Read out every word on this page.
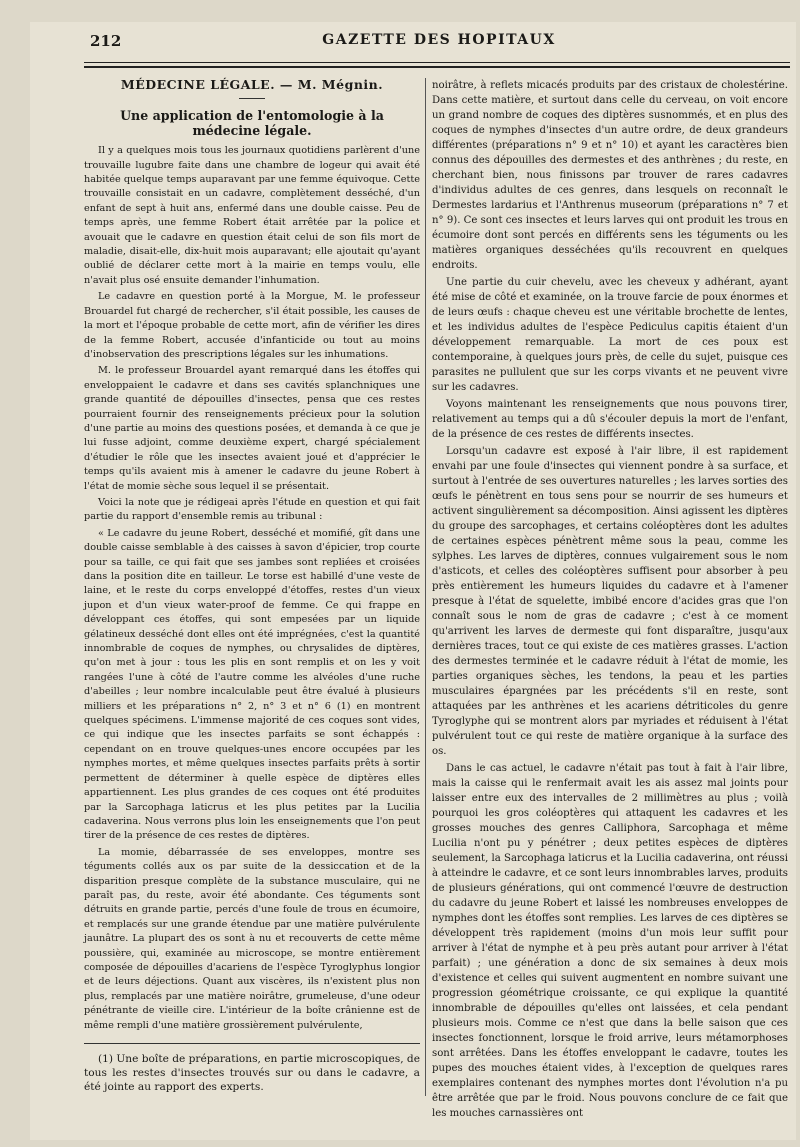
212	GAZETTE DES HOPITAUX
MÉDECINE LÉGALE. — M. Mégnin.
Une application de l'entomologie à la médecine légale.

Il y a quelques mois tous les journaux quotidiens parlèrent d'une trouvaille lugubre faite dans une chambre de logeur qui avait été habitée quelque temps auparavant par une femme équivoque. Cette trouvaille consistait en un cadavre, complètement desséché, d'un enfant de sept à huit ans, enfermé dans une double caisse. Peu de temps après, une femme Robert était arrêtée par la police et avouait que le cadavre en question était celui de son fils mort de maladie, disait-elle, dix-huit mois auparavant; elle ajoutait qu'ayant oublié de déclarer cette mort à la mairie en temps voulu, elle n'avait plus osé ensuite demander l'inhumation.

Le cadavre en question porté à la Morgue, M. le professeur Brouardel fut chargé de rechercher, s'il était possible, les causes de la mort et l'époque probable de cette mort, afin de vérifier les dires de la femme Robert, accusée d'infanticide ou tout au moins d'inobservation des prescriptions légales sur les inhumations.

M. le professeur Brouardel ayant remarqué dans les étoffes qui enveloppaient le cadavre et dans ses cavités splanchniques une grande quantité de dépouilles d'insectes, pensa que ces restes pourraient fournir des renseignements précieux pour la solution d'une partie au moins des questions posées, et demanda à ce que je lui fusse adjoint, comme deuxième expert, chargé spécialement d'étudier le rôle que les insectes avaient joué et d'apprécier le temps qu'ils avaient mis à amener le cadavre du jeune Robert à l'état de momie sèche sous lequel il se présentait.

Voici la note que je rédigeai après l'étude en question et qui fait partie du rapport d'ensemble remis au tribunal :

« Le cadavre du jeune Robert, desséché et momifié, gît dans une double caisse semblable à des caisses à savon d'épicier, trop courte pour sa taille, ce qui fait que ses jambes sont repliées et croisées dans la position dite en tailleur. Le torse est habillé d'une veste de laine, et le reste du corps enveloppé d'étoffes, restes d'un vieux jupon et d'un vieux water-proof de femme. Ce qui frappe en développant ces étoffes, qui sont empesées par un liquide gélatineux desséché dont elles ont été imprégnées, c'est la quantité innombrable de coques de nymphes, ou chrysalides de diptères, qu'on met à jour : tous les plis en sont remplis et on les y voit rangées l'une à côté de l'autre comme les alvéoles d'une ruche d'abeilles ; leur nombre incalculable peut être évalué à plusieurs milliers et les préparations n° 2, n° 3 et n° 6 (1) en montrent quelques spécimens. L'immense majorité de ces coques sont vides, ce qui indique que les insectes parfaits se sont échappés : cependant on en trouve quelques-unes encore occupées par les nymphes mortes, et même quelques insectes parfaits prêts à sortir permettent de déterminer à quelle espèce de diptères elles appartiennent. Les plus grandes de ces coques ont été produites par la Sarcophaga laticrus et les plus petites par la Lucilia cadaverina. Nous verrons plus loin les enseignements que l'on peut tirer de la présence de ces restes de diptères.

La momie, débarrassée de ses enveloppes, montre ses téguments collés aux os par suite de la dessiccation et de la disparition presque complète de la substance musculaire, qui ne paraît pas, du reste, avoir été abondante. Ces téguments sont détruits en grande partie, percés d'une foule de trous en écumoire, et remplacés sur une grande étendue par une matière pulvérulente jaunâtre. La plupart des os sont à nu et recouverts de cette même poussière, qui, examinée au microscope, se montre entièrement composée de dépouilles d'acariens de l'espèce Tyroglyphus longior et de leurs déjections. Quant aux viscères, ils n'existent plus non plus, remplacés par une matière noirâtre, grumeleuse, d'une odeur pénétrante de vieille cire. L'intérieur de la boîte crânienne est de même rempli d'une matière grossièrement pulvérulente,

(1) Une boîte de préparations, en partie microscopiques, de tous les restes d'insectes trouvés sur ou dans le cadavre, a été jointe au rapport des experts.

noirâtre, à reflets micacés produits par des cristaux de cholestérine. Dans cette matière, et surtout dans celle du cerveau, on voit encore un grand nombre de coques des diptères susnommés, et en plus des coques de nymphes d'insectes d'un autre ordre, de deux grandeurs différentes (préparations n° 9 et n° 10) et ayant les caractères bien connus des dépouilles des dermestes et des anthrènes ; du reste, en cherchant bien, nous finissons par trouver de rares cadavres d'individus adultes de ces genres, dans lesquels on reconnaît le Dermestes lardarius et l'Anthrenus museorum (préparations n° 7 et n° 9). Ce sont ces insectes et leurs larves qui ont produit les trous en écumoire dont sont percés en différents sens les téguments ou les matières organiques desséchées qu'ils recouvrent en quelques endroits.

Une partie du cuir chevelu, avec les cheveux y adhérant, ayant été mise de côté et examinée, on la trouve farcie de poux énormes et de leurs œufs : chaque cheveu est une véritable brochette de lentes, et les individus adultes de l'espèce Pediculus capitis étaient d'un développement remarquable. La mort de ces poux est contemporaine, à quelques jours près, de celle du sujet, puisque ces parasites ne pullulent que sur les corps vivants et ne peuvent vivre sur les cadavres.

Voyons maintenant les renseignements que nous pouvons tirer, relativement au temps qui a dû s'écouler depuis la mort de l'enfant, de la présence de ces restes de différents insectes.

Lorsqu'un cadavre est exposé à l'air libre, il est rapidement envahi par une foule d'insectes qui viennent pondre à sa surface, et surtout à l'entrée de ses ouvertures naturelles ; les larves sorties des œufs le pénètrent en tous sens pour se nourrir de ses humeurs et activent singulièrement sa décomposition. Ainsi agissent les diptères du groupe des sarcophages, et certains coléoptères dont les adultes de certaines espèces pénètrent même sous la peau, comme les sylphes. Les larves de diptères, connues vulgairement sous le nom d'asticots, et celles des coléoptères suffisent pour absorber à peu près entièrement les humeurs liquides du cadavre et à l'amener presque à l'état de squelette, imbibé encore d'acides gras que l'on connaît sous le nom de gras de cadavre ; c'est à ce moment qu'arrivent les larves de dermeste qui font disparaître, jusqu'aux dernières traces, tout ce qui existe de ces matières grasses. L'action des dermestes terminée et le cadavre réduit à l'état de momie, les parties organiques sèches, les tendons, la peau et les parties musculaires épargnées par les précédents s'il en reste, sont attaquées par les anthrènes et les acariens détriticoles du genre Tyroglyphe qui se montrent alors par myriades et réduisent à l'état pulvérulent tout ce qui reste de matière organique à la surface des os.

Dans le cas actuel, le cadavre n'était pas tout à fait à l'air libre, mais la caisse qui le renfermait avait les ais assez mal joints pour laisser entre eux des intervalles de 2 millimètres au plus ; voilà pourquoi les gros coléoptères qui attaquent les cadavres et les grosses mouches des genres Calliphora, Sarcophaga et même Lucilia n'ont pu y pénétrer ; deux petites espèces de diptères seulement, la Sarcophaga laticrus et la Lucilia cadaverina, ont réussi à atteindre le cadavre, et ce sont leurs innombrables larves, produits de plusieurs générations, qui ont commencé l'œuvre de destruction du cadavre du jeune Robert et laissé les nombreuses enveloppes de nymphes dont les étoffes sont remplies. Les larves de ces diptères se développent très rapidement (moins d'un mois leur suffit pour arriver à l'état de nymphe et à peu près autant pour arriver à l'état parfait) ; une génération a donc de six semaines à deux mois d'existence et celles qui suivent augmentent en nombre suivant une progression géométrique croissante, ce qui explique la quantité innombrable de dépouilles qu'elles ont laissées, et cela pendant plusieurs mois. Comme ce n'est que dans la belle saison que ces insectes fonctionnent, lorsque le froid arrive, leurs métamorphoses sont arrêtées. Dans les étoffes enveloppant le cadavre, toutes les pupes des mouches étaient vides, à l'exception de quelques rares exemplaires contenant des nymphes mortes dont l'évolution n'a pu être arrêtée que par le froid. Nous pouvons conclure de ce fait que les mouches carnassières ont
